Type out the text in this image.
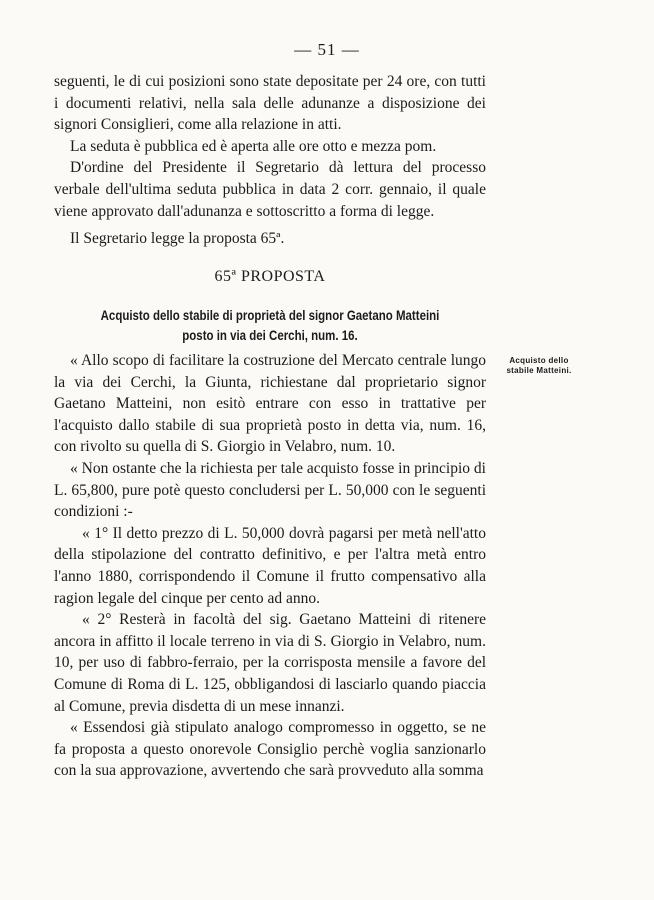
— 51 —

seguenti, le di cui posizioni sono state depositate per 24 ore, con tutti i documenti relativi, nella sala delle adunanze a disposizione dei signori Consiglieri, come alla relazione in atti.

La seduta è pubblica ed è aperta alle ore otto e mezza pom.

D'ordine del Presidente il Segretario dà lettura del processo verbale dell'ultima seduta pubblica in data 2 corr. gennaio, il quale viene approvato dall'adunanza e sottoscritto a forma di legge.

Il Segretario legge la proposta 65ª.

65ª PROPOSTA
Acquisto dello stabile di proprietà del signor Gaetano Matteini
posto in via dei Cerchi, num. 16.
Acquisto dello
stabile Matteini.

« Allo scopo di facilitare la costruzione del Mercato centrale lungo la via dei Cerchi, la Giunta, richiestane dal proprietario signor Gaetano Matteini, non esitò entrare con esso in trattative per l'acquisto dallo stabile di sua proprietà posto in detta via, num. 16, con rivolto su quella di S. Giorgio in Velabro, num. 10.

« Non ostante che la richiesta per tale acquisto fosse in principio di L. 65,800, pure potè questo concludersi per L. 50,000 con le seguenti condizioni :-

« 1° Il detto prezzo di L. 50,000 dovrà pagarsi per metà nell'atto della stipolazione del contratto definitivo, e per l'altra metà entro l'anno 1880, corrispondendo il Comune il frutto compensativo alla ragion legale del cinque per cento ad anno.

« 2° Resterà in facoltà del sig. Gaetano Matteini di ritenere ancora in affitto il locale terreno in via di S. Giorgio in Velabro, num. 10, per uso di fabbro-ferraio, per la corrisposta mensile a favore del Comune di Roma di L. 125, obbligandosi di lasciarlo quando piaccia al Comune, previa disdetta di un mese innanzi.

« Essendosi già stipulato analogo compromesso in oggetto, se ne fa proposta a questo onorevole Consiglio perchè voglia sanzionarlo con la sua approvazione, avvertendo che sarà provveduto alla somma
